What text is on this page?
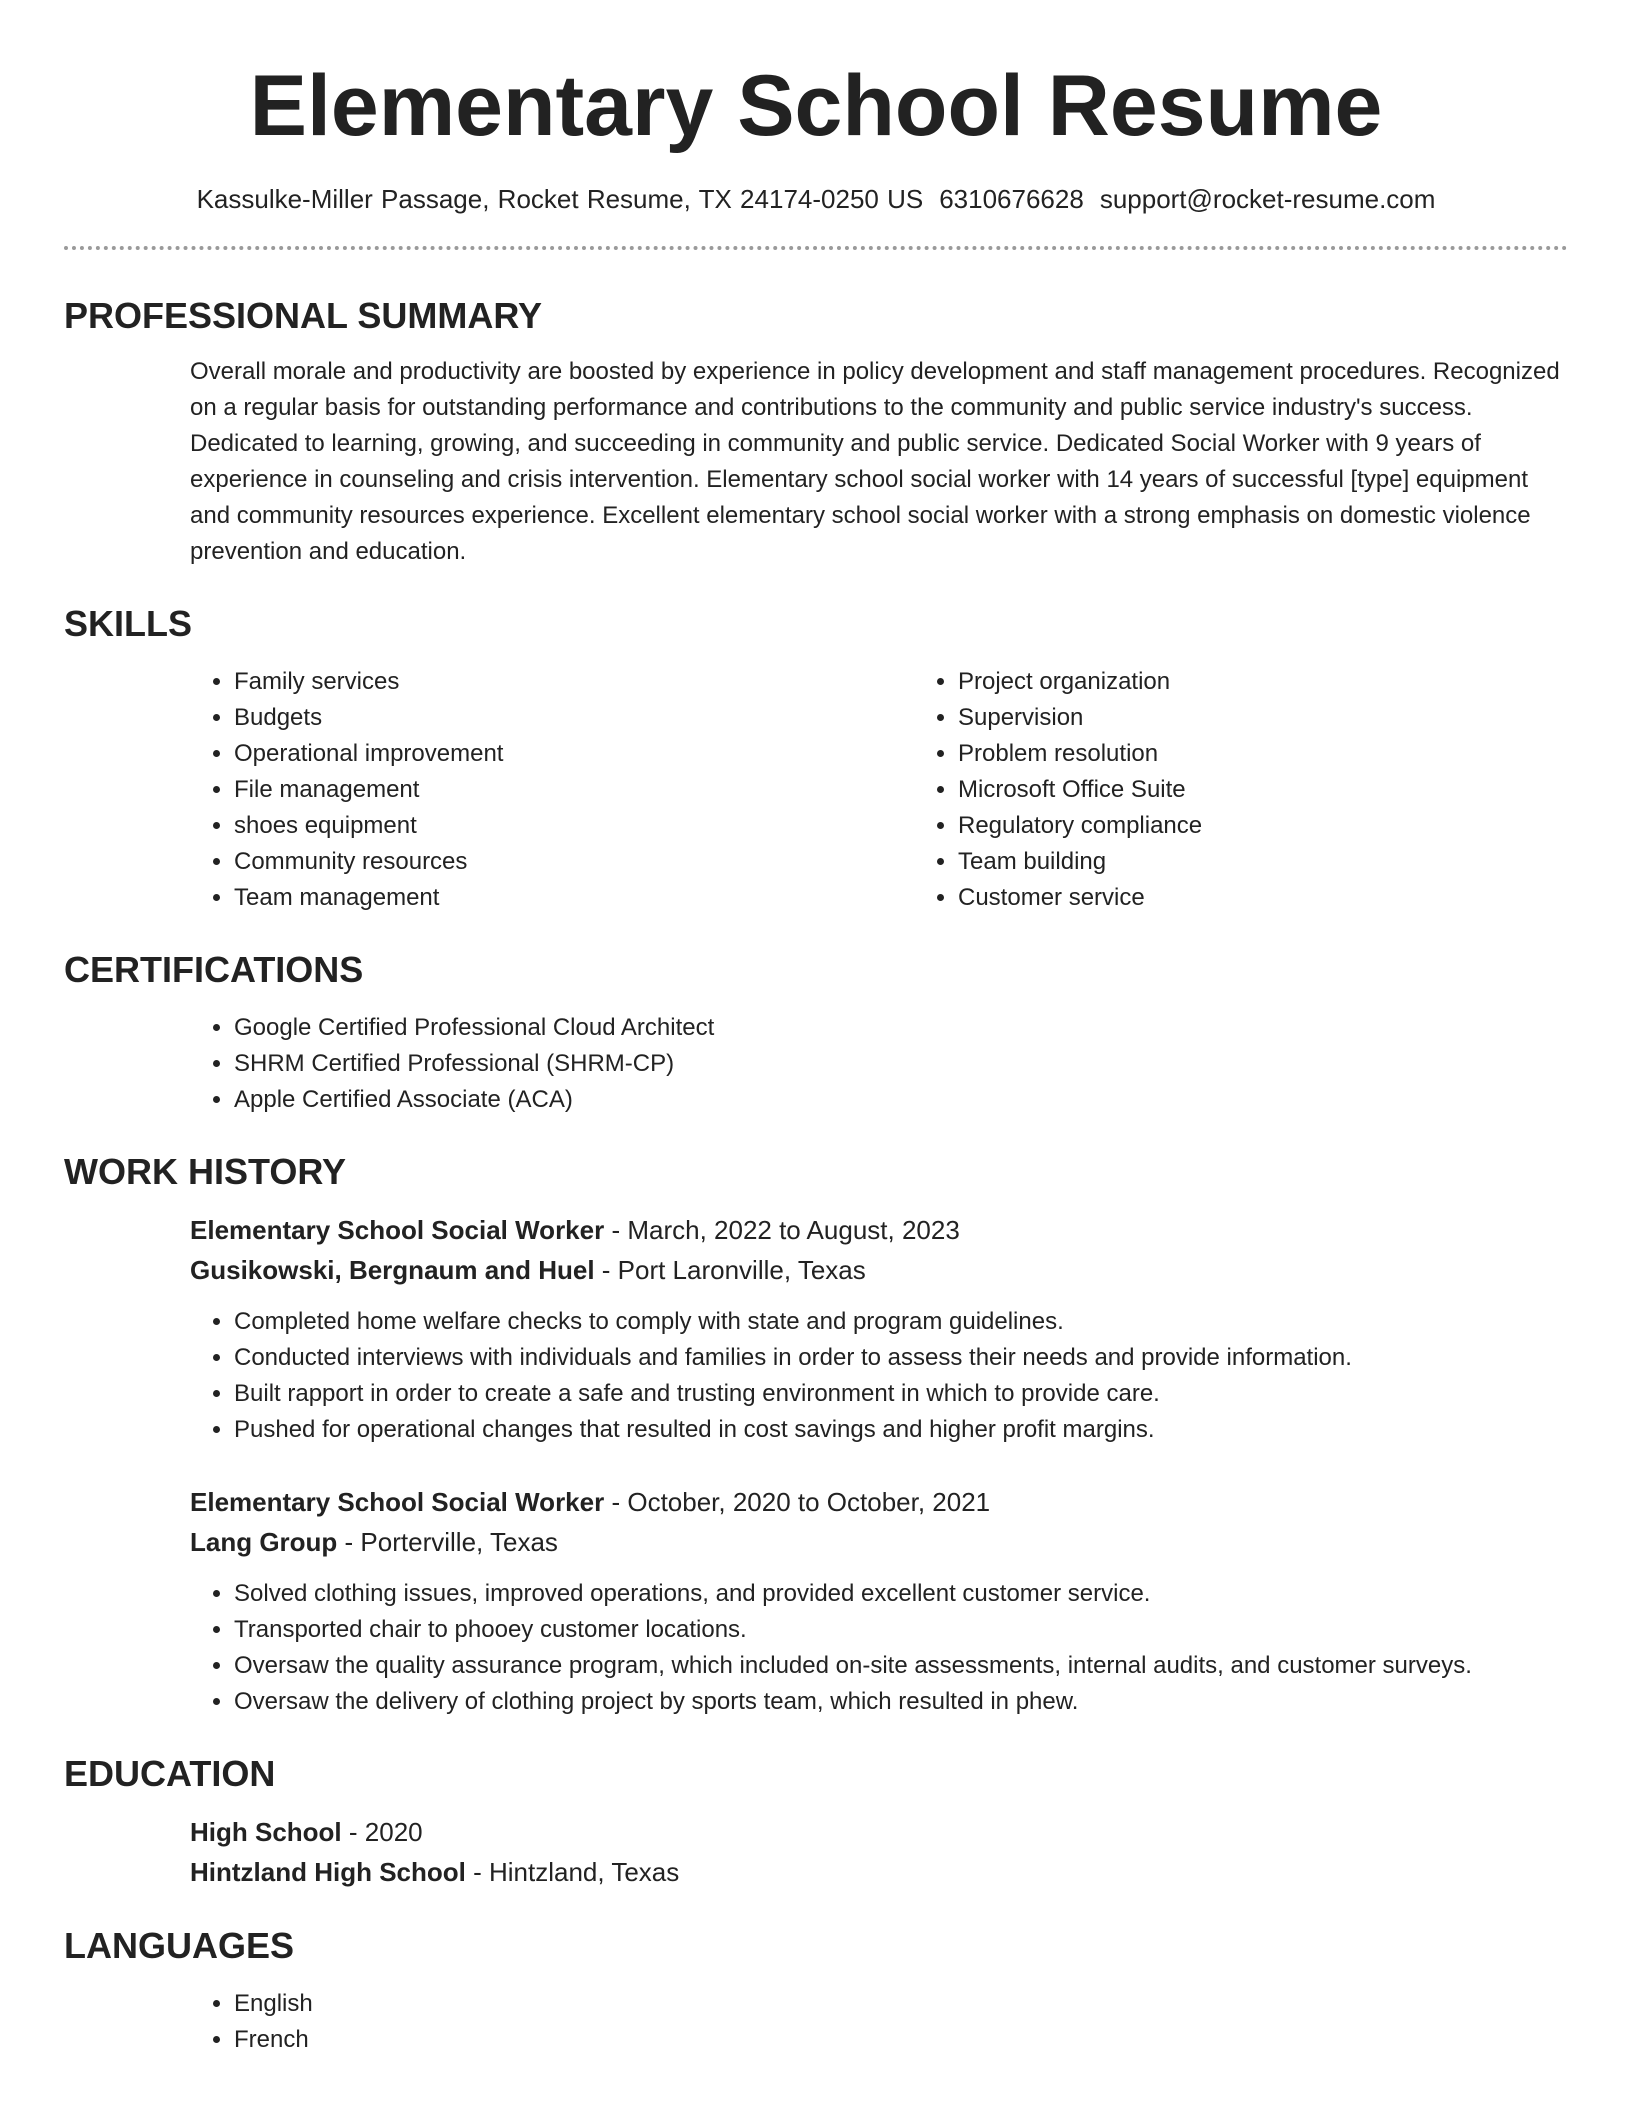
Elementary School Resume
Kassulke-Miller Passage, Rocket Resume, TX 24174-0250 US 6310676628 support@rocket-resume.com
PROFESSIONAL SUMMARY

Overall morale and productivity are boosted by experience in policy development and staff management procedures. Recognized on a regular basis for outstanding performance and contributions to the community and public service industry's success. Dedicated to learning, growing, and succeeding in community and public service. Dedicated Social Worker with 9 years of experience in counseling and crisis intervention. Elementary school social worker with 14 years of successful [type] equipment and community resources experience. Excellent elementary school social worker with a strong emphasis on domestic violence prevention and education.

SKILLS
• Family services
• Budgets
• Operational improvement
• File management
• shoes equipment
• Community resources
• Team management
• Project organization
• Supervision
• Problem resolution
• Microsoft Office Suite
• Regulatory compliance
• Team building
• Customer service
CERTIFICATIONS
• Google Certified Professional Cloud Architect
• SHRM Certified Professional (SHRM-CP)
• Apple Certified Associate (ACA)
WORK HISTORY
Elementary School Social Worker - March, 2022 to August, 2023
Gusikowski, Bergnaum and Huel - Port Laronville, Texas
• Completed home welfare checks to comply with state and program guidelines.
• Conducted interviews with individuals and families in order to assess their needs and provide information.
• Built rapport in order to create a safe and trusting environment in which to provide care.
• Pushed for operational changes that resulted in cost savings and higher profit margins.
Elementary School Social Worker - October, 2020 to October, 2021
Lang Group - Porterville, Texas
• Solved clothing issues, improved operations, and provided excellent customer service.
• Transported chair to phooey customer locations.
• Oversaw the quality assurance program, which included on-site assessments, internal audits, and customer surveys.
• Oversaw the delivery of clothing project by sports team, which resulted in phew.
EDUCATION
High School - 2020
Hintzland High School - Hintzland, Texas
LANGUAGES
• English
• French
